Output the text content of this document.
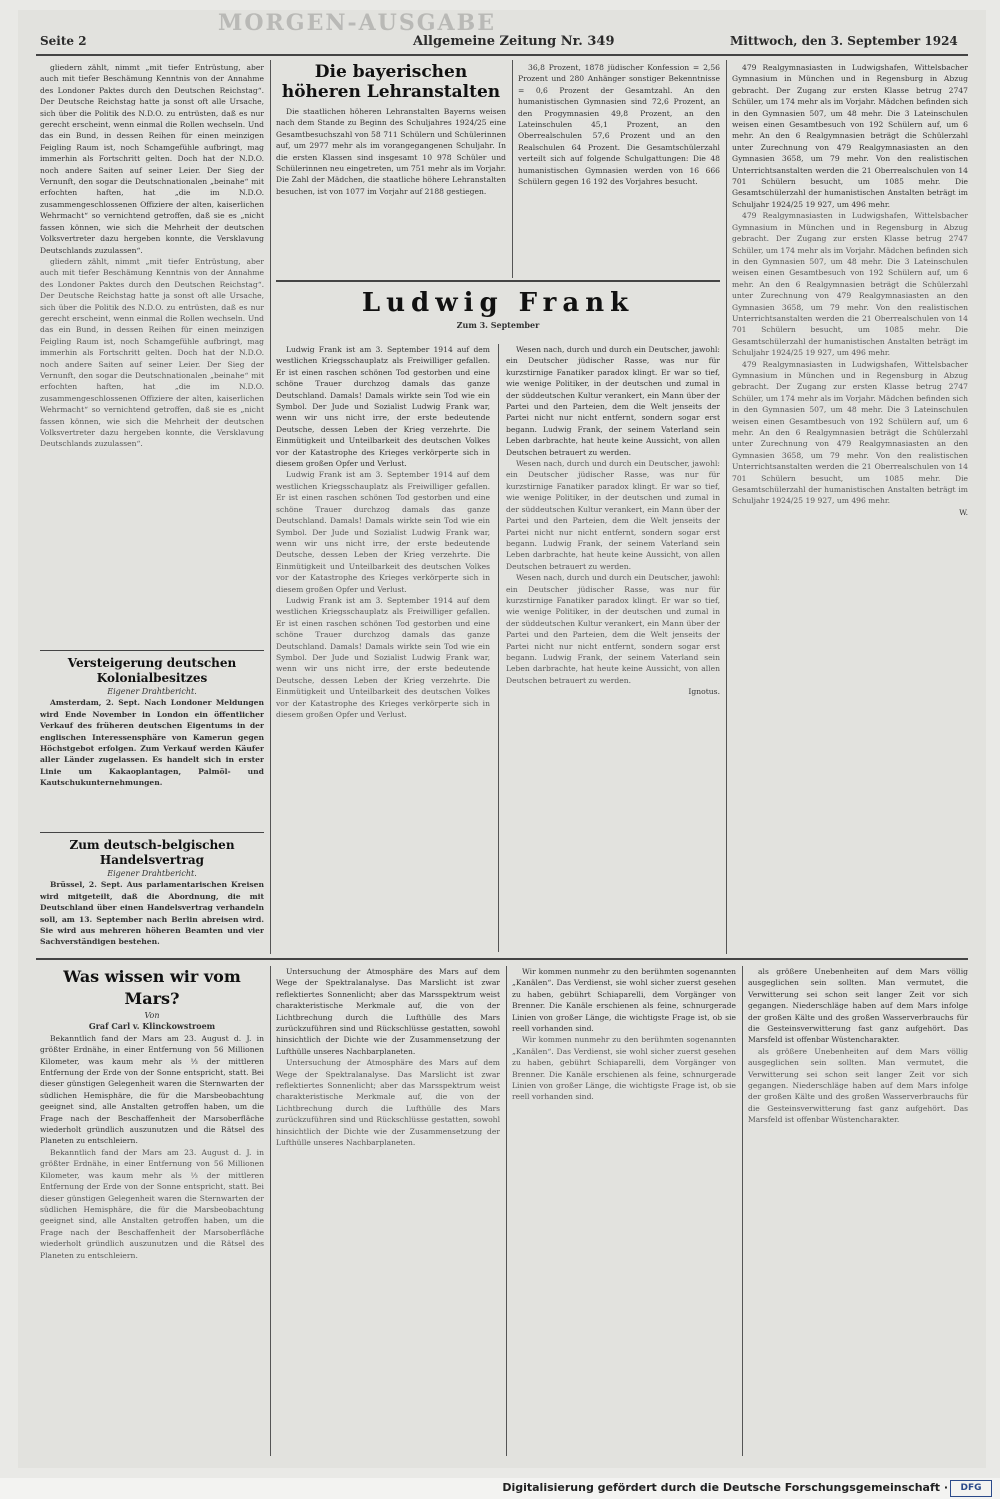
MORGEN-AUSGABE
Seite 2	Allgemeine Zeitung Nr. 349	Mittwoch, den 3. September 1924

gliedern zählt, nimmt „mit tiefer Entrüstung, aber auch mit tiefer Beschämung Kenntnis von der Annahme des Londoner Paktes durch den Deutschen Reichstag“. Der Deutsche Reichstag hatte ja sonst oft alle Ursache, sich über die Politik des N.D.O. zu entrüsten, daß es nur gerecht erscheint, wenn einmal die Rollen wechseln. Und das ein Bund, in dessen Reihen für einen meinzigen Feigling Raum ist, noch Schamgefühle aufbringt, mag immerhin als Fortschritt gelten. Doch hat der N.D.O. noch andere Saiten auf seiner Leier. Der Sieg der Vernunft, den sogar die Deutschnationalen „beinahe“ mit erfochten haften, hat „die im N.D.O. zusammengeschlossenen Offiziere der alten, kaiserlichen Wehrmacht“ so vernichtend getroffen, daß sie es „nicht fassen können, wie sich die Mehrheit der deutschen Volksvertreter dazu hergeben konnte, die Versklavung Deutschlands zuzulassen“.

gliedern zählt, nimmt „mit tiefer Entrüstung, aber auch mit tiefer Beschämung Kenntnis von der Annahme des Londoner Paktes durch den Deutschen Reichstag“. Der Deutsche Reichstag hatte ja sonst oft alle Ursache, sich über die Politik des N.D.O. zu entrüsten, daß es nur gerecht erscheint, wenn einmal die Rollen wechseln. Und das ein Bund, in dessen Reihen für einen meinzigen Feigling Raum ist, noch Schamgefühle aufbringt, mag immerhin als Fortschritt gelten. Doch hat der N.D.O. noch andere Saiten auf seiner Leier. Der Sieg der Vernunft, den sogar die Deutschnationalen „beinahe“ mit erfochten haften, hat „die im N.D.O. zusammengeschlossenen Offiziere der alten, kaiserlichen Wehrmacht“ so vernichtend getroffen, daß sie es „nicht fassen können, wie sich die Mehrheit der deutschen Volksvertreter dazu hergeben konnte, die Versklavung Deutschlands zuzulassen“.

Versteigerung deutschen Kolonialbesitzes
Eigener Drahtbericht.

Amsterdam, 2. Sept. Nach Londoner Meldungen wird Ende November in London ein öffentlicher Verkauf des früheren deutschen Eigentums in der englischen Interessensphäre von Kamerun gegen Höchstgebot erfolgen. Zum Verkauf werden Käufer aller Länder zugelassen. Es handelt sich in erster Linie um Kakaoplantagen, Palmöl- und Kautschukunternehmungen.

Zum deutsch-belgischen Handelsvertrag
Eigener Drahtbericht.

Brüssel, 2. Sept. Aus parlamentarischen Kreisen wird mitgeteilt, daß die Abordnung, die mit Deutschland über einen Handelsvertrag verhandeln soll, am 13. September nach Berlin abreisen wird. Sie wird aus mehreren höheren Beamten und vier Sachverständigen bestehen.

Die bayerischen höheren Lehranstalten

Die staatlichen höheren Lehranstalten Bayerns weisen nach dem Stande zu Beginn des Schuljahres 1924/25 eine Gesamtbesuchszahl von 58 711 Schülern und Schülerinnen auf, um 2977 mehr als im vorangegangenen Schuljahr. In die ersten Klassen sind insgesamt 10 978 Schüler und Schülerinnen neu eingetreten, um 751 mehr als im Vorjahr. Die Zahl der Mädchen, die staatliche höhere Lehranstalten besuchen, ist von 1077 im Vorjahr auf 2188 gestiegen.

36,8 Prozent, 1878 jüdischer Konfession = 2,56 Prozent und 280 Anhänger sonstiger Bekenntnisse = 0,6 Prozent der Gesamtzahl. An den humanistischen Gymnasien sind 72,6 Prozent, an den Progymnasien 49,8 Prozent, an den Lateinschulen 45,1 Prozent, an den Oberrealschulen 57,6 Prozent und an den Realschulen 64 Prozent. Die Gesamtschülerzahl verteilt sich auf folgende Schulgattungen: Die 48 humanistischen Gymnasien werden von 16 666 Schülern gegen 16 192 des Vorjahres besucht.

479 Realgymnasiasten in Ludwigshafen, Wittelsbacher Gymnasium in München und in Regensburg in Abzug gebracht. Der Zugang zur ersten Klasse betrug 2747 Schüler, um 174 mehr als im Vorjahr. Mädchen befinden sich in den Gymnasien 507, um 48 mehr. Die 3 Lateinschulen weisen einen Gesamtbesuch von 192 Schülern auf, um 6 mehr. An den 6 Realgymnasien beträgt die Schülerzahl unter Zurechnung von 479 Realgymnasiasten an den Gymnasien 3658, um 79 mehr. Von den realistischen Unterrichtsanstalten werden die 21 Oberrealschulen von 14 701 Schülern besucht, um 1085 mehr. Die Gesamtschülerzahl der humanistischen Anstalten beträgt im Schuljahr 1924/25 19 927, um 496 mehr.

479 Realgymnasiasten in Ludwigshafen, Wittelsbacher Gymnasium in München und in Regensburg in Abzug gebracht. Der Zugang zur ersten Klasse betrug 2747 Schüler, um 174 mehr als im Vorjahr. Mädchen befinden sich in den Gymnasien 507, um 48 mehr. Die 3 Lateinschulen weisen einen Gesamtbesuch von 192 Schülern auf, um 6 mehr. An den 6 Realgymnasien beträgt die Schülerzahl unter Zurechnung von 479 Realgymnasiasten an den Gymnasien 3658, um 79 mehr. Von den realistischen Unterrichtsanstalten werden die 21 Oberrealschulen von 14 701 Schülern besucht, um 1085 mehr. Die Gesamtschülerzahl der humanistischen Anstalten beträgt im Schuljahr 1924/25 19 927, um 496 mehr.

479 Realgymnasiasten in Ludwigshafen, Wittelsbacher Gymnasium in München und in Regensburg in Abzug gebracht. Der Zugang zur ersten Klasse betrug 2747 Schüler, um 174 mehr als im Vorjahr. Mädchen befinden sich in den Gymnasien 507, um 48 mehr. Die 3 Lateinschulen weisen einen Gesamtbesuch von 192 Schülern auf, um 6 mehr. An den 6 Realgymnasien beträgt die Schülerzahl unter Zurechnung von 479 Realgymnasiasten an den Gymnasien 3658, um 79 mehr. Von den realistischen Unterrichtsanstalten werden die 21 Oberrealschulen von 14 701 Schülern besucht, um 1085 mehr. Die Gesamtschülerzahl der humanistischen Anstalten beträgt im Schuljahr 1924/25 19 927, um 496 mehr.

W.
Ludwig Frank
Zum 3. September

Ludwig Frank ist am 3. September 1914 auf dem westlichen Kriegsschauplatz als Freiwilliger gefallen. Er ist einen raschen schönen Tod gestorben und eine schöne Trauer durchzog damals das ganze Deutschland. Damals! Damals wirkte sein Tod wie ein Symbol. Der Jude und Sozialist Ludwig Frank war, wenn wir uns nicht irre, der erste bedeutende Deutsche, dessen Leben der Krieg verzehrte. Die Einmütigkeit und Unteilbarkeit des deutschen Volkes vor der Katastrophe des Krieges verkörperte sich in diesem großen Opfer und Verlust.

Ludwig Frank ist am 3. September 1914 auf dem westlichen Kriegsschauplatz als Freiwilliger gefallen. Er ist einen raschen schönen Tod gestorben und eine schöne Trauer durchzog damals das ganze Deutschland. Damals! Damals wirkte sein Tod wie ein Symbol. Der Jude und Sozialist Ludwig Frank war, wenn wir uns nicht irre, der erste bedeutende Deutsche, dessen Leben der Krieg verzehrte. Die Einmütigkeit und Unteilbarkeit des deutschen Volkes vor der Katastrophe des Krieges verkörperte sich in diesem großen Opfer und Verlust.

Ludwig Frank ist am 3. September 1914 auf dem westlichen Kriegsschauplatz als Freiwilliger gefallen. Er ist einen raschen schönen Tod gestorben und eine schöne Trauer durchzog damals das ganze Deutschland. Damals! Damals wirkte sein Tod wie ein Symbol. Der Jude und Sozialist Ludwig Frank war, wenn wir uns nicht irre, der erste bedeutende Deutsche, dessen Leben der Krieg verzehrte. Die Einmütigkeit und Unteilbarkeit des deutschen Volkes vor der Katastrophe des Krieges verkörperte sich in diesem großen Opfer und Verlust.

Wesen nach, durch und durch ein Deutscher, jawohl: ein Deutscher jüdischer Rasse, was nur für kurzstirnige Fanatiker paradox klingt. Er war so tief, wie wenige Politiker, in der deutschen und zumal in der süddeutschen Kultur verankert, ein Mann über der Partei und den Parteien, dem die Welt jenseits der Partei nicht nur nicht entfernt, sondern sogar erst begann. Ludwig Frank, der seinem Vaterland sein Leben darbrachte, hat heute keine Aussicht, von allen Deutschen betrauert zu werden.

Wesen nach, durch und durch ein Deutscher, jawohl: ein Deutscher jüdischer Rasse, was nur für kurzstirnige Fanatiker paradox klingt. Er war so tief, wie wenige Politiker, in der deutschen und zumal in der süddeutschen Kultur verankert, ein Mann über der Partei und den Parteien, dem die Welt jenseits der Partei nicht nur nicht entfernt, sondern sogar erst begann. Ludwig Frank, der seinem Vaterland sein Leben darbrachte, hat heute keine Aussicht, von allen Deutschen betrauert zu werden.

Wesen nach, durch und durch ein Deutscher, jawohl: ein Deutscher jüdischer Rasse, was nur für kurzstirnige Fanatiker paradox klingt. Er war so tief, wie wenige Politiker, in der deutschen und zumal in der süddeutschen Kultur verankert, ein Mann über der Partei und den Parteien, dem die Welt jenseits der Partei nicht nur nicht entfernt, sondern sogar erst begann. Ludwig Frank, der seinem Vaterland sein Leben darbrachte, hat heute keine Aussicht, von allen Deutschen betrauert zu werden.

Ignotus.
Was wissen wir vom Mars?
Von
Graf Carl v. Klinckowstroem

Bekanntlich fand der Mars am 23. August d. J. in größter Erdnähe, in einer Entfernung von 56 Millionen Kilometer, was kaum mehr als ⅓ der mittleren Entfernung der Erde von der Sonne entspricht, statt. Bei dieser günstigen Gelegenheit waren die Sternwarten der südlichen Hemisphäre, die für die Marsbeobachtung geeignet sind, alle Anstalten getroffen haben, um die Frage nach der Beschaffenheit der Marsoberfläche wiederholt gründlich auszunutzen und die Rätsel des Planeten zu entschleiern.

Bekanntlich fand der Mars am 23. August d. J. in größter Erdnähe, in einer Entfernung von 56 Millionen Kilometer, was kaum mehr als ⅓ der mittleren Entfernung der Erde von der Sonne entspricht, statt. Bei dieser günstigen Gelegenheit waren die Sternwarten der südlichen Hemisphäre, die für die Marsbeobachtung geeignet sind, alle Anstalten getroffen haben, um die Frage nach der Beschaffenheit der Marsoberfläche wiederholt gründlich auszunutzen und die Rätsel des Planeten zu entschleiern.

Untersuchung der Atmosphäre des Mars auf dem Wege der Spektralanalyse. Das Marslicht ist zwar reflektiertes Sonnenlicht; aber das Marsspektrum weist charakteristische Merkmale auf, die von der Lichtbrechung durch die Lufthülle des Mars zurückzuführen sind und Rückschlüsse gestatten, sowohl hinsichtlich der Dichte wie der Zusammensetzung der Lufthülle unseres Nachbarplaneten.

Untersuchung der Atmosphäre des Mars auf dem Wege der Spektralanalyse. Das Marslicht ist zwar reflektiertes Sonnenlicht; aber das Marsspektrum weist charakteristische Merkmale auf, die von der Lichtbrechung durch die Lufthülle des Mars zurückzuführen sind und Rückschlüsse gestatten, sowohl hinsichtlich der Dichte wie der Zusammensetzung der Lufthülle unseres Nachbarplaneten.

Wir kommen nunmehr zu den berühmten sogenannten „Kanälen“. Das Verdienst, sie wohl sicher zuerst gesehen zu haben, gebührt Schiaparelli, dem Vorgänger von Brenner. Die Kanäle erschienen als feine, schnurgerade Linien von großer Länge, die wichtigste Frage ist, ob sie reell vorhanden sind.

Wir kommen nunmehr zu den berühmten sogenannten „Kanälen“. Das Verdienst, sie wohl sicher zuerst gesehen zu haben, gebührt Schiaparelli, dem Vorgänger von Brenner. Die Kanäle erschienen als feine, schnurgerade Linien von großer Länge, die wichtigste Frage ist, ob sie reell vorhanden sind.

als größere Unebenheiten auf dem Mars völlig ausgeglichen sein sollten. Man vermutet, die Verwitterung sei schon seit langer Zeit vor sich gegangen. Niederschläge haben auf dem Mars infolge der großen Kälte und des großen Wasserverbrauchs für die Gesteinsverwitterung fast ganz aufgehört. Das Marsfeld ist offenbar Wüstencharakter.

als größere Unebenheiten auf dem Mars völlig ausgeglichen sein sollten. Man vermutet, die Verwitterung sei schon seit langer Zeit vor sich gegangen. Niederschläge haben auf dem Mars infolge der großen Kälte und des großen Wasserverbrauchs für die Gesteinsverwitterung fast ganz aufgehört. Das Marsfeld ist offenbar Wüstencharakter.

Digitalisierung gefördert durch die Deutsche Forschungsgemeinschaft ·	DFG
